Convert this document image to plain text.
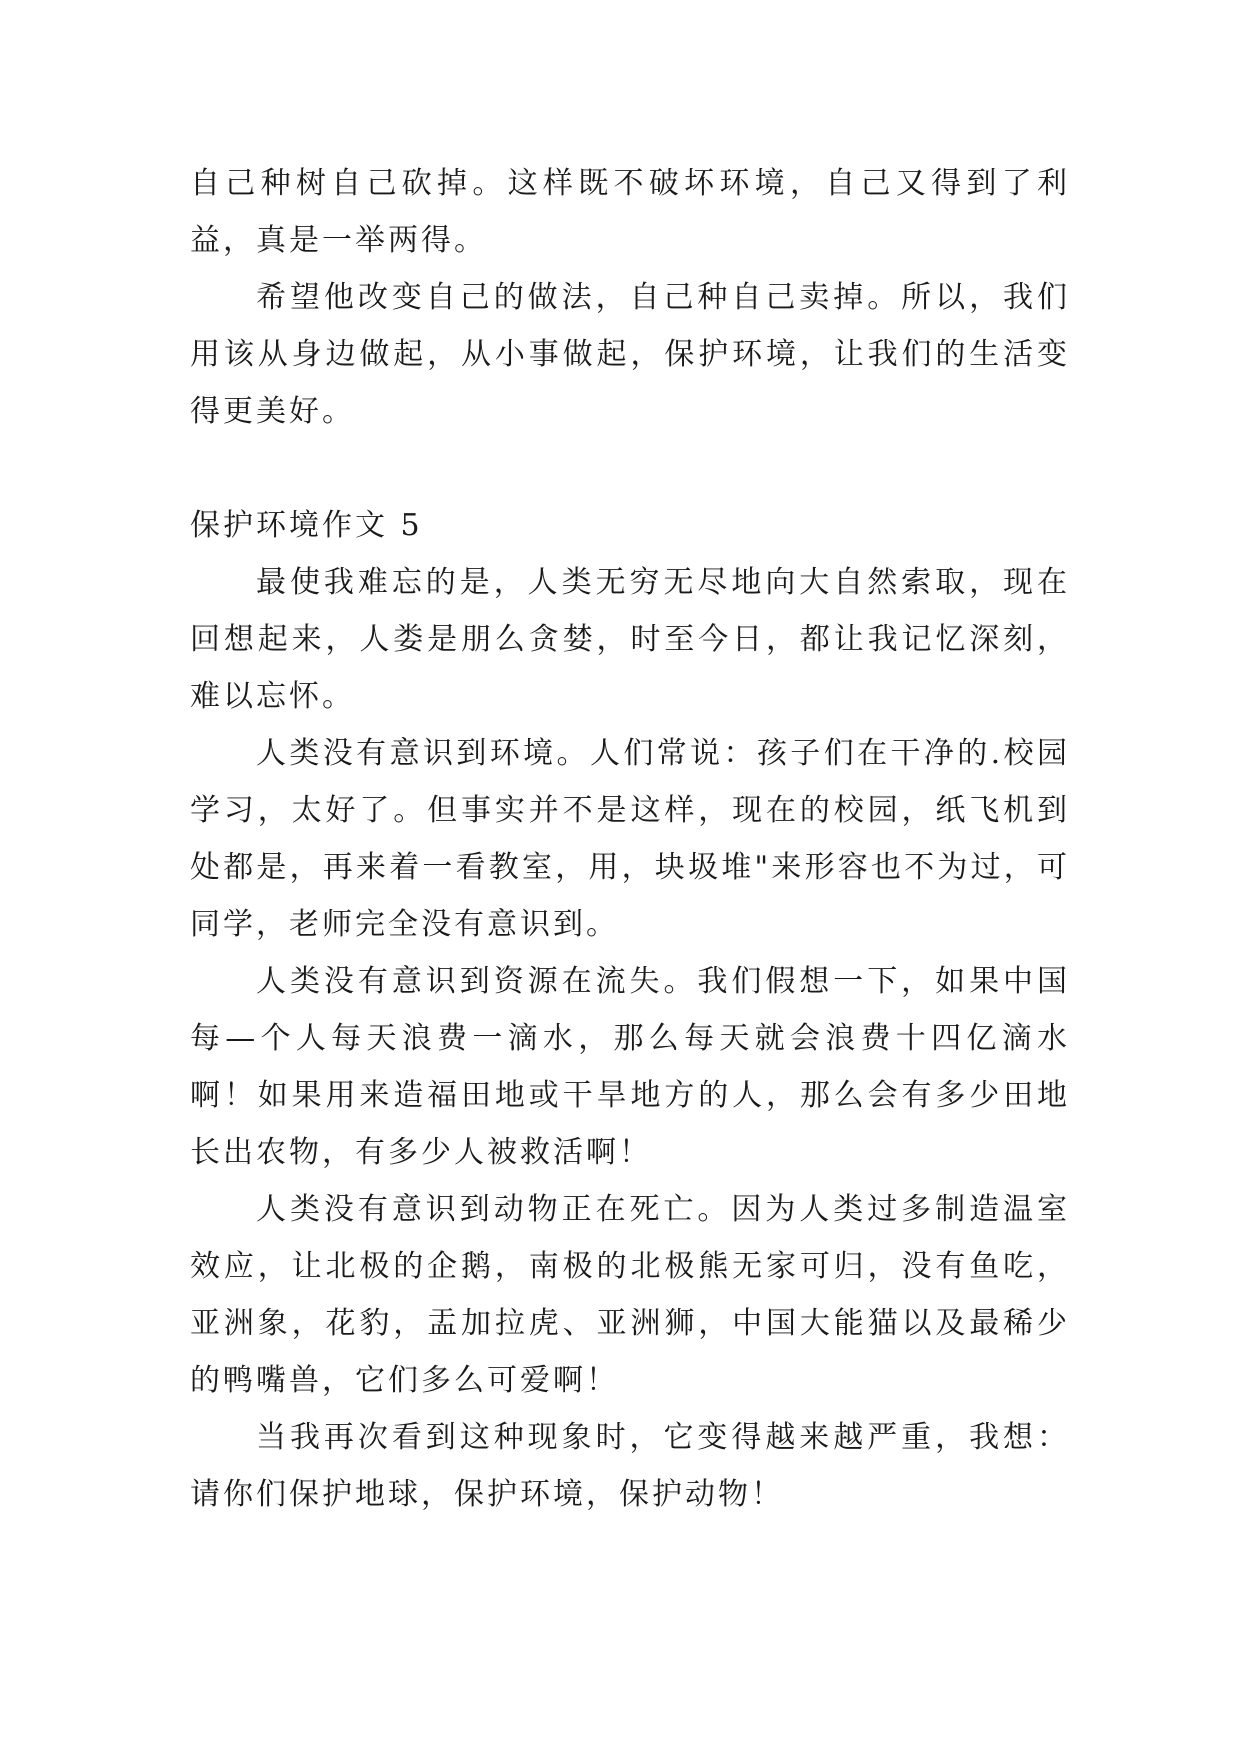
自己种树自己砍掉。这样既不破坏环境，自己又得到了利益，真是一举两得。

希望他改变自己的做法，自己种自己卖掉。所以，我们用该从身边做起，从小事做起，保护环境，让我们的生活变得更美好。

保护环境作文 5

最使我难忘的是，人类无穷无尽地向大自然索取，现在回想起来，人娄是朋么贪婪，时至今日，都让我记忆深刻，难以忘怀。

人类没有意识到环境。人们常说：孩子们在干净的.校园学习，太好了。但事实并不是这样，现在的校园，纸飞机到处都是，再来着一看教室，用，块圾堆"来形容也不为过，可同学，老师完全没有意识到。

人类没有意识到资源在流失。我们假想一下，如果中国每—个人每天浪费一滴水，那么每天就会浪费十四亿滴水啊！如果用来造福田地或干旱地方的人，那么会有多少田地长出农物，有多少人被救活啊！

人类没有意识到动物正在死亡。因为人类过多制造温室效应，让北极的企鹅，南极的北极熊无家可归，没有鱼吃，亚洲象，花豹，盂加拉虎、亚洲狮，中国大能猫以及最稀少的鸭嘴兽，它们多么可爱啊！

当我再次看到这种现象时，它变得越来越严重，我想：请你们保护地球，保护环境，保护动物！
